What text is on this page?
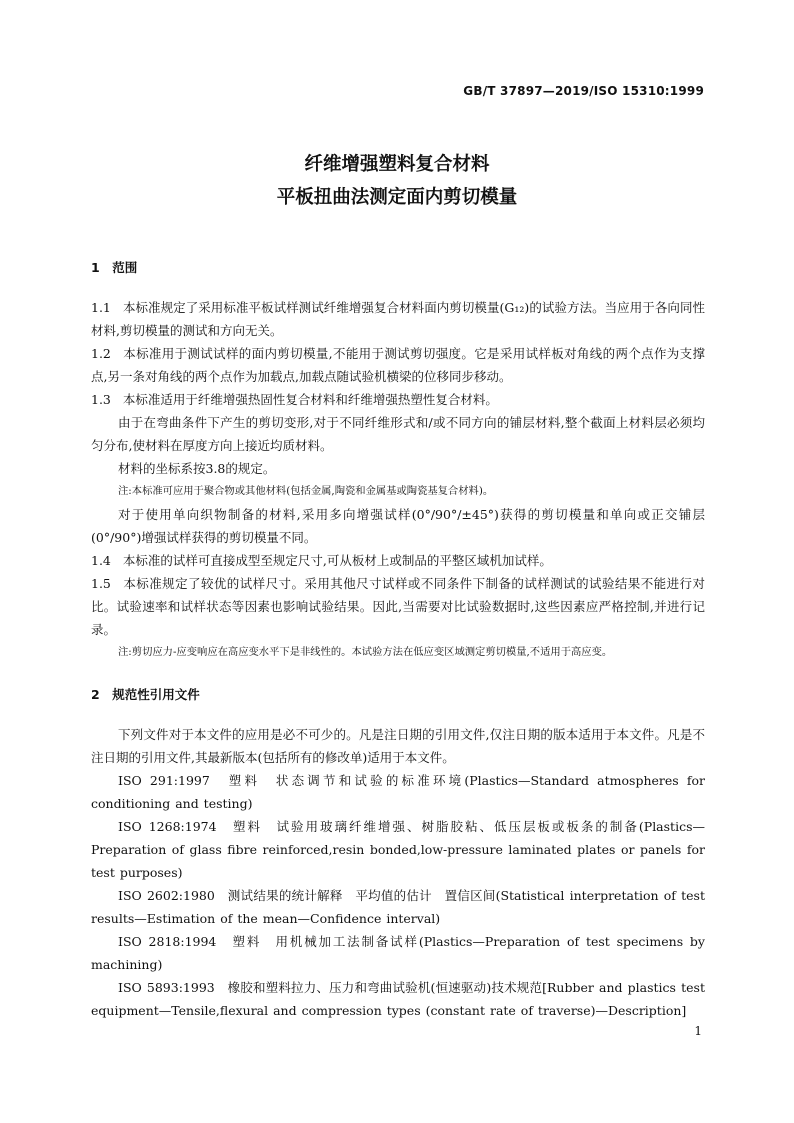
GB/T 37897—2019/ISO 15310:1999
纤维增强塑料复合材料
平板扭曲法测定面内剪切模量
1　范围

1.1 本标准规定了采用标准平板试样测试纤维增强复合材料面内剪切模量(G₁₂)的试验方法。当应用于各向同性材料,剪切模量的测试和方向无关。

1.2 本标准用于测试试样的面内剪切模量,不能用于测试剪切强度。它是采用试样板对角线的两个点作为支撑点,另一条对角线的两个点作为加载点,加载点随试验机横梁的位移同步移动。

1.3 本标准适用于纤维增强热固性复合材料和纤维增强热塑性复合材料。

由于在弯曲条件下产生的剪切变形,对于不同纤维形式和/或不同方向的铺层材料,整个截面上材料层必须均匀分布,使材料在厚度方向上接近均质材料。

材料的坐标系按3.8的规定。

注:本标准可应用于聚合物或其他材料(包括金属,陶瓷和金属基或陶瓷基复合材料)。

对于使用单向织物制备的材料,采用多向增强试样(0°/90°/±45°)获得的剪切模量和单向或正交铺层(0°/90°)增强试样获得的剪切模量不同。

1.4 本标准的试样可直接成型至规定尺寸,可从板材上或制品的平整区域机加试样。

1.5 本标准规定了较优的试样尺寸。采用其他尺寸试样或不同条件下制备的试样测试的试验结果不能进行对比。试验速率和试样状态等因素也影响试验结果。因此,当需要对比试验数据时,这些因素应严格控制,并进行记录。

注:剪切应力-应变响应在高应变水平下是非线性的。本试验方法在低应变区域测定剪切模量,不适用于高应变。

2　规范性引用文件

下列文件对于本文件的应用是必不可少的。凡是注日期的引用文件,仅注日期的版本适用于本文件。凡是不注日期的引用文件,其最新版本(包括所有的修改单)适用于本文件。

ISO 291:1997　塑料　状态调节和试验的标准环境(Plastics—Standard atmospheres for conditioning and testing)

ISO 1268:1974　塑料　试验用玻璃纤维增强、树脂胶粘、低压层板或板条的制备(Plastics—Preparation of glass fibre reinforced,resin bonded,low-pressure laminated plates or panels for test purposes)

ISO 2602:1980　测试结果的统计解释　平均值的估计　置信区间(Statistical interpretation of test results—Estimation of the mean—Confidence interval)

ISO 2818:1994　塑料　用机械加工法制备试样(Plastics—Preparation of test specimens by machining)

ISO 5893:1993　橡胶和塑料拉力、压力和弯曲试验机(恒速驱动)技术规范[Rubber and plastics test equipment—Tensile,flexural and compression types (constant rate of traverse)—Description]

1
